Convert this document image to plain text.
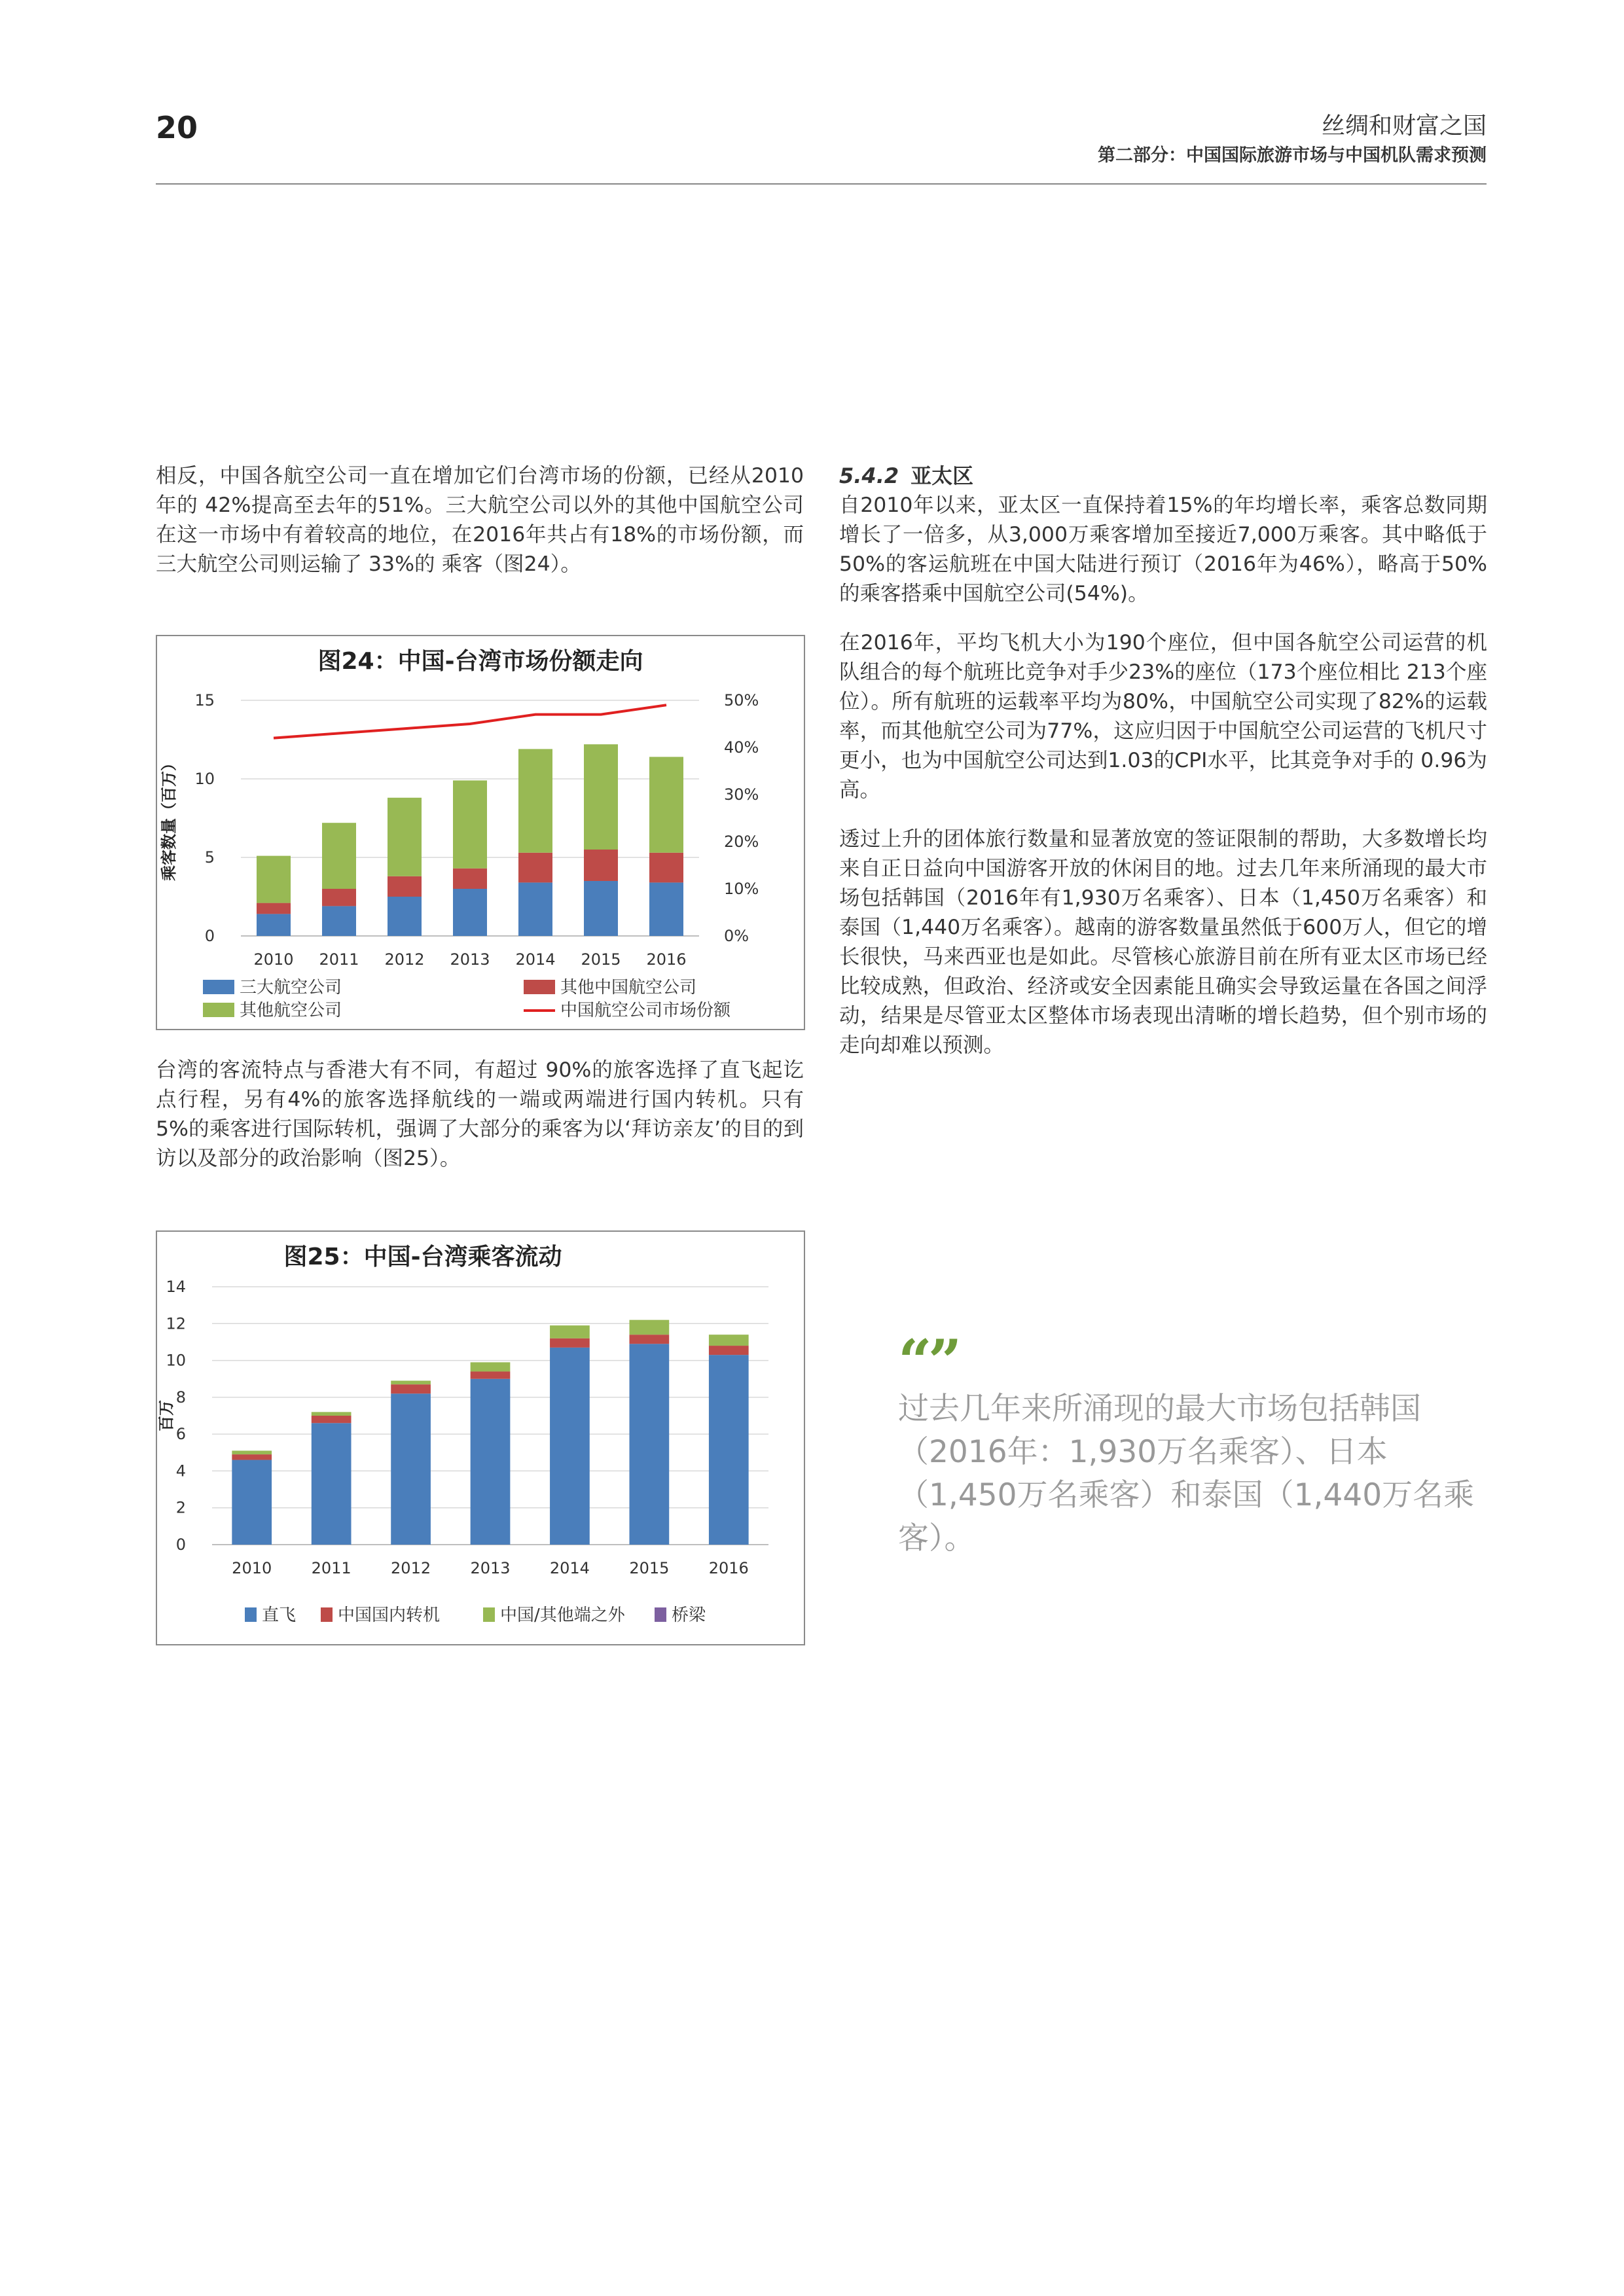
20	丝绸和财富之国
第二部分：中国国际旅游市场与中国机队需求预测

相反，中国各航空公司一直在增加它们台湾市场的份额，已经从2010年的 42%提高至去年的51%。三大航空公司以外的其他中国航空公司在这一市场中有着较高的地位，在2016年共占有18%的市场份额，而三大航空公司则运输了 33%的 乘客（图24）。

图24：中国-台湾市场份额走向
0
5
10
15
乘客数量（百万）
2010 2011 2012 2013 2014 2015 2016
0%
10%
20%
30%
40%
50%
三大航空公司	其他中国航空公司
其他航空公司	中国航空公司市场份额

台湾的客流特点与香港大有不同，有超过 90%的旅客选择了直飞起讫点行程，另有4%的旅客选择航线的一端或两端进行国内转机。只有 5%的乘客进行国际转机，强调了大部分的乘客为以‘拜访亲友’的目的到访以及部分的政治影响（图25）。

图25：中国-台湾乘客流动
0
2
4
6
8
10
12
14
百万
2010	2011	2012	2013	2014	2015	2016
直飞 中国国内转机	中国/其他端之外	桥梁
5.4.2 亚太区

自2010年以来，亚太区一直保持着15%的年均增长率，乘客总数同期增长了一倍多，从3,000万乘客增加至接近7,000万乘客。其中略低于50%的客运航班在中国大陆进行预订（2016年为46%），略高于50%的乘客搭乘中国航空公司(54%)。

在2016年，平均飞机大小为190个座位，但中国各航空公司运营的机队组合的每个航班比竞争对手少23%的座位（173个座位相比 213个座位）。所有航班的运载率平均为80%，中国航空公司实现了82%的运载率，而其他航空公司为77%，这应归因于中国航空公司运营的飞机尺寸更小，也为中国航空公司达到1.03的CPI水平，比其竞争对手的 0.96为高。

透过上升的团体旅行数量和显著放宽的签证限制的帮助，大多数增长均来自正日益向中国游客开放的休闲目的地。过去几年来所涌现的最大市场包括韩国（2016年有1,930万名乘客）、日本（1,450万名乘客）和泰国（1,440万名乘客）。越南的游客数量虽然低于600万人，但它的增长很快，马来西亚也是如此。尽管核心旅游目前在所有亚太区市场已经比较成熟，但政治、经济或安全因素能且确实会导致运量在各国之间浮动，结果是尽管亚太区整体市场表现出清晰的增长趋势，但个别市场的走向却难以预测。

“”
过去几年来所涌现的最大市场包括韩国（2016年：1,930万名乘客）、日本（1,450万名乘客）和泰国（1,440万名乘客）。
